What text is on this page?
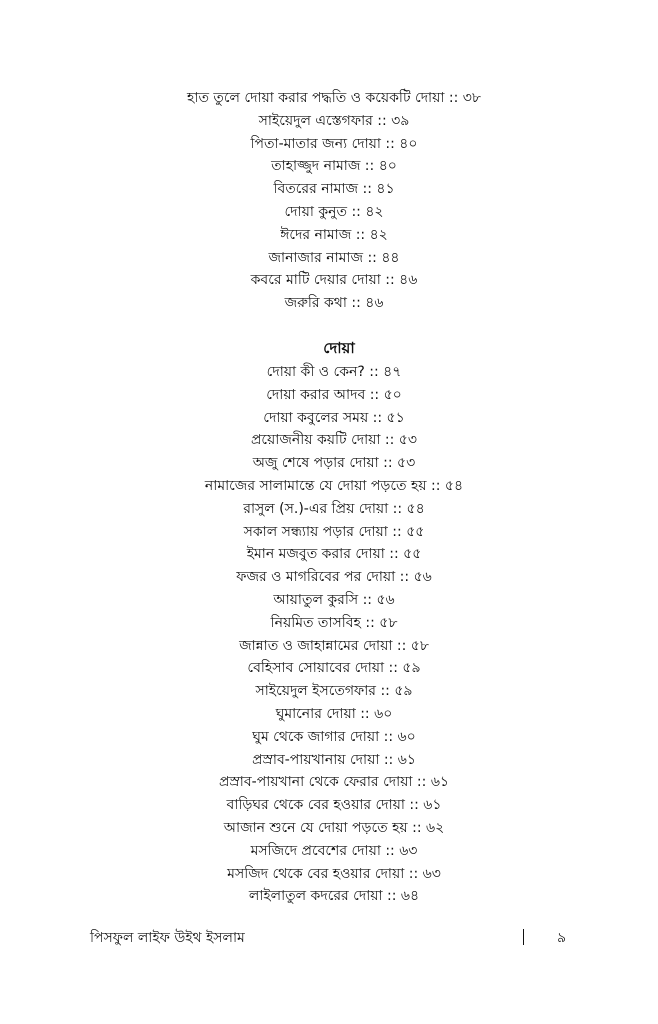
হাত তুলে দোয়া করার পদ্ধতি ও কয়েকটি দোয়া :: ৩৮
সাইয়েদুল এস্তেগফার :: ৩৯
পিতা-মাতার জন্য দোয়া :: ৪০
তাহাজ্জুদ নামাজ :: ৪০
বিতরের নামাজ :: ৪১
দোয়া কুনুত :: ৪২
ঈদের নামাজ :: ৪২
জানাজার নামাজ :: ৪৪
কবরে মাটি দেয়ার দোয়া :: ৪৬
জরুরি কথা :: ৪৬
দোয়া
দোয়া কী ও কেন? :: ৪৭
দোয়া করার আদব :: ৫০
দোয়া কবুলের সময় :: ৫১
প্রয়োজনীয় কয়টি দোয়া :: ৫৩
অজু শেষে পড়ার দোয়া :: ৫৩
নামাজের সালামান্তে যে দোয়া পড়তে হয় :: ৫৪
রাসুল (স.)-এর প্রিয় দোয়া :: ৫৪
সকাল সন্ধ্যায় পড়ার দোয়া :: ৫৫
ইমান মজবুত করার দোয়া :: ৫৫
ফজর ও মাগরিবের পর দোয়া :: ৫৬
আয়াতুল কুরসি :: ৫৬
নিয়মিত তাসবিহ :: ৫৮
জান্নাত ও জাহান্নামের দোয়া :: ৫৮
বেহিসাব সোয়াবের দোয়া :: ৫৯
সাইয়েদুল ইসতেগফার :: ৫৯
ঘুমানোর দোয়া :: ৬০
ঘুম থেকে জাগার দোয়া :: ৬০
প্রস্রাব-পায়খানায় দোয়া :: ৬১
প্রস্রাব-পায়খানা থেকে ফেরার দোয়া :: ৬১
বাড়িঘর থেকে বের হওয়ার দোয়া :: ৬১
আজান শুনে যে দোয়া পড়তে হয় :: ৬২
মসজিদে প্রবেশের দোয়া :: ৬৩
মসজিদ থেকে বের হওয়ার দোয়া :: ৬৩
লাইলাতুল কদরের দোয়া :: ৬৪
পিসফুল লাইফ উইথ ইসলাম	৯
